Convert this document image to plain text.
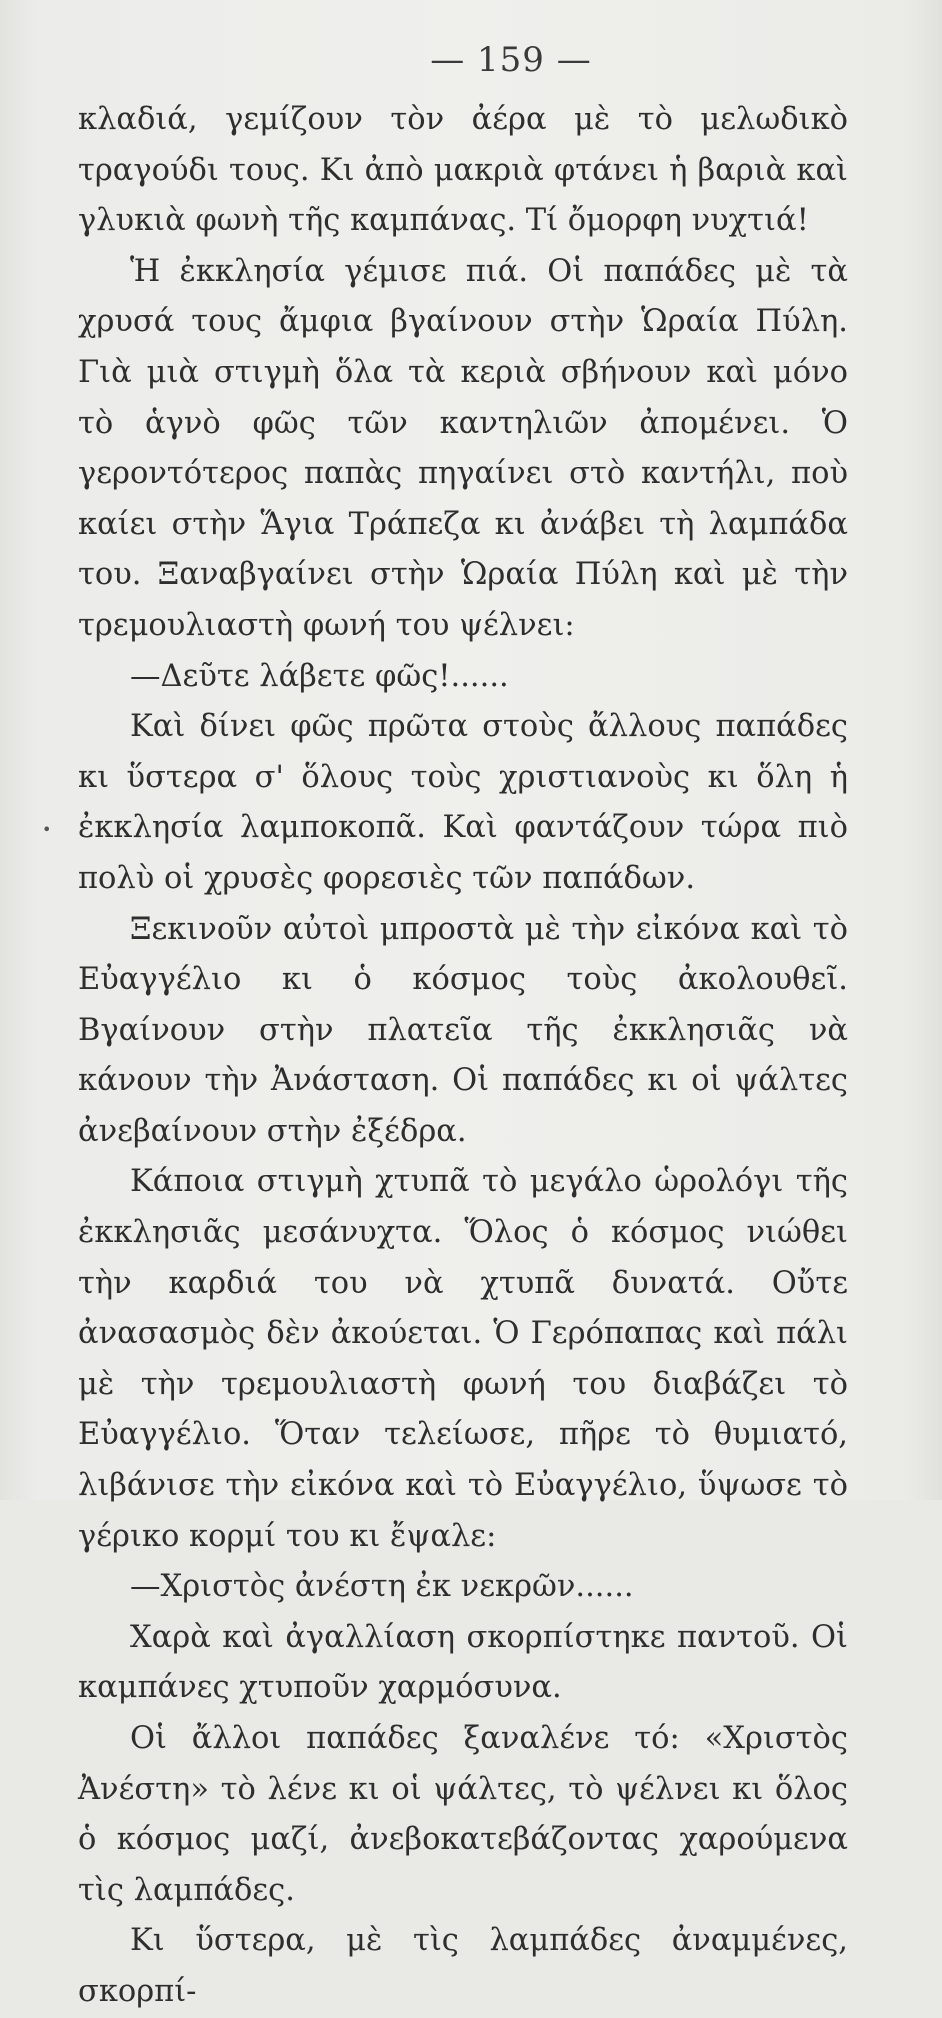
— 159 —
•

κλαδιά, γεμίζουν τὸν ἀέρα μὲ τὸ μελωδικὸ τραγούδι τους. Κι ἀπὸ μακριὰ φτάνει ἡ βαριὰ καὶ γλυκιὰ φωνὴ τῆς καμπάνας. Τί ὄμορφη νυχτιά!

Ἡ ἐκκλησία γέμισε πιά. Οἱ παπάδες μὲ τὰ χρυσά τους ἄμφια βγαίνουν στὴν Ὡραία Πύλη. Γιὰ μιὰ στιγμὴ ὅλα τὰ κεριὰ σβήνουν καὶ μόνο τὸ ἁγνὸ φῶς τῶν καντηλιῶν ἀπομένει. Ὁ γεροντότερος παπὰς πηγαίνει στὸ καντήλι, ποὺ καίει στὴν Ἅγια Τράπεζα κι ἀνάβει τὴ λαμπάδα του. Ξαναβγαίνει στὴν Ὡραία Πύλη καὶ μὲ τὴν τρεμουλιαστὴ φωνή του ψέλνει:

—Δεῦτε λάβετε φῶς!......

Καὶ δίνει φῶς πρῶτα στοὺς ἄλλους παπάδες κι ὕστερα σ' ὅλους τοὺς χριστιανοὺς κι ὅλη ἡ ἐκκλησία λαμποκοπᾶ. Καὶ φαντάζουν τώρα πιὸ πολὺ οἱ χρυσὲς φορεσιὲς τῶν παπάδων.

Ξεκινοῦν αὐτοὶ μπροστὰ μὲ τὴν εἰκόνα καὶ τὸ Εὐαγγέλιο κι ὁ κόσμος τοὺς ἀκολουθεῖ. Βγαίνουν στὴν πλατεῖα τῆς ἐκκλησιᾶς νὰ κάνουν τὴν Ἀνάσταση. Οἱ παπάδες κι οἱ ψάλτες ἀνεβαίνουν στὴν ἐξέδρα.

Κάποια στιγμὴ χτυπᾶ τὸ μεγάλο ὡρολόγι τῆς ἐκκλησιᾶς μεσάνυχτα. Ὅλος ὁ κόσμος νιώθει τὴν καρδιά του νὰ χτυπᾶ δυνατά. Οὔτε ἀνασασμὸς δὲν ἀκούεται. Ὁ Γερόπαπας καὶ πάλι μὲ τὴν τρεμουλιαστὴ φωνή του διαβάζει τὸ Εὐαγγέλιο. Ὅταν τελείωσε, πῆρε τὸ θυμιατό, λιβάνισε τὴν εἰκόνα καὶ τὸ Εὐαγγέλιο, ὕψωσε τὸ γέρικο κορμί του κι ἔψαλε:

—Χριστὸς ἀνέστη ἐκ νεκρῶν......

Χαρὰ καὶ ἀγαλλίαση σκορπίστηκε παντοῦ. Οἱ καμπάνες χτυποῦν χαρμόσυνα.

Οἱ ἄλλοι παπάδες ξαναλένε τό: «Χριστὸς Ἀνέστη» τὸ λένε κι οἱ ψάλτες, τὸ ψέλνει κι ὅλος ὁ κόσμος μαζί, ἀνεβοκατεβάζοντας χαρούμενα τὶς λαμπάδες.

Κι ὕστερα, μὲ τὶς λαμπάδες ἀναμμένες, σκορπί-
